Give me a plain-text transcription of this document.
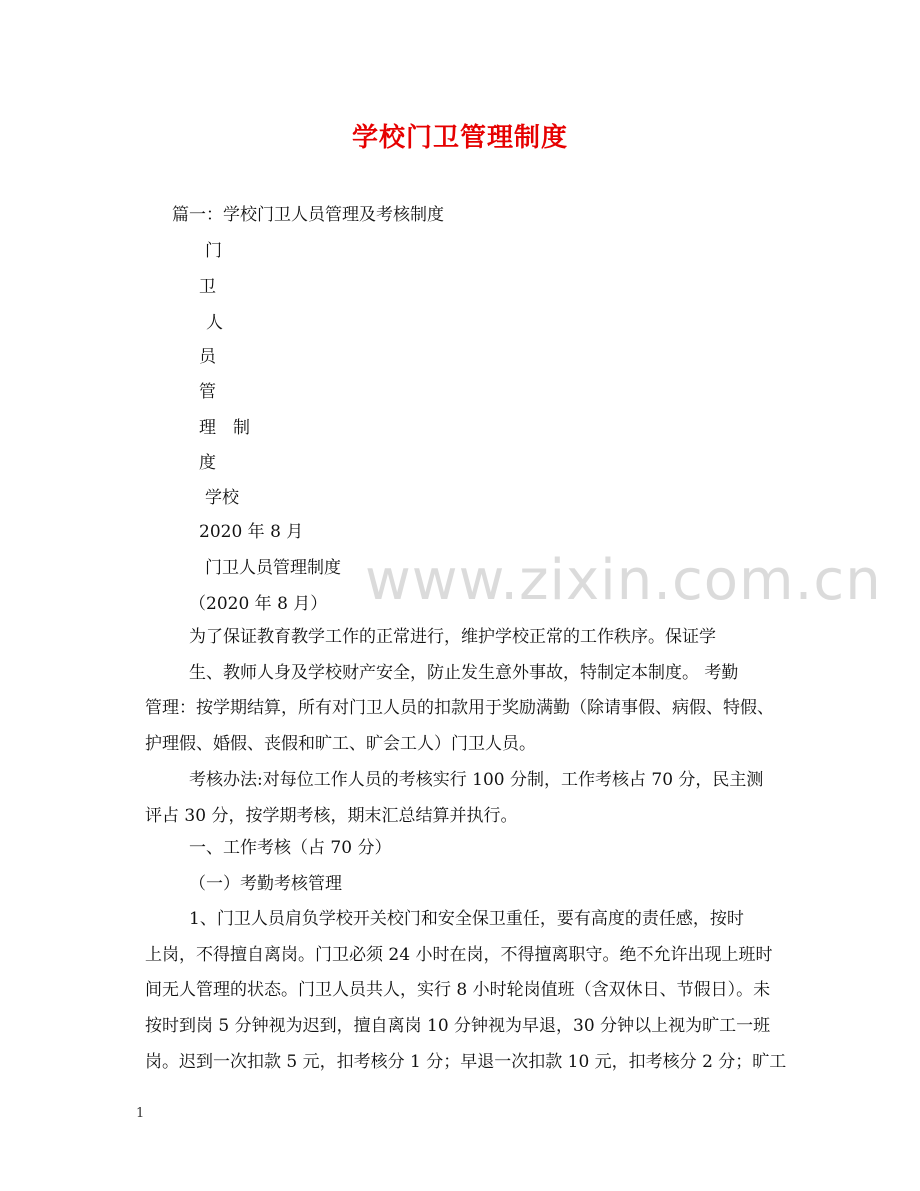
学校门卫管理制度
篇一：学校门卫人员管理及考核制度
门
卫
人
员
管
理 制
度
学校
2020 年 8 月
门卫人员管理制度
（2020 年 8 月） www.zixin.com.cn
为了保证教育教学工作的正常进行，维护学校正常的工作秩序。保证学
生、教师人身及学校财产安全，防止发生意外事故，特制定本制度。 考勤
管理：按学期结算，所有对门卫人员的扣款用于奖励满勤（除请事假、病假、特假、
护理假、婚假、丧假和旷工、旷会工人）门卫人员。
考核办法:对每位工作人员的考核实行 100 分制，工作考核占 70 分，民主测
评占 30 分，按学期考核，期末汇总结算并执行。
一、工作考核（占 70 分）
（一）考勤考核管理
1、门卫人员肩负学校开关校门和安全保卫重任，要有高度的责任感，按时
上岗，不得擅自离岗。门卫必须 24 小时在岗，不得擅离职守。绝不允许出现上班时
间无人管理的状态。门卫人员共人，实行 8 小时轮岗值班（含双休日、节假日）。未
按时到岗 5 分钟视为迟到，擅自离岗 10 分钟视为早退，30 分钟以上视为旷工一班
岗。迟到一次扣款 5 元，扣考核分 1 分；早退一次扣款 10 元，扣考核分 2 分；旷工
1
